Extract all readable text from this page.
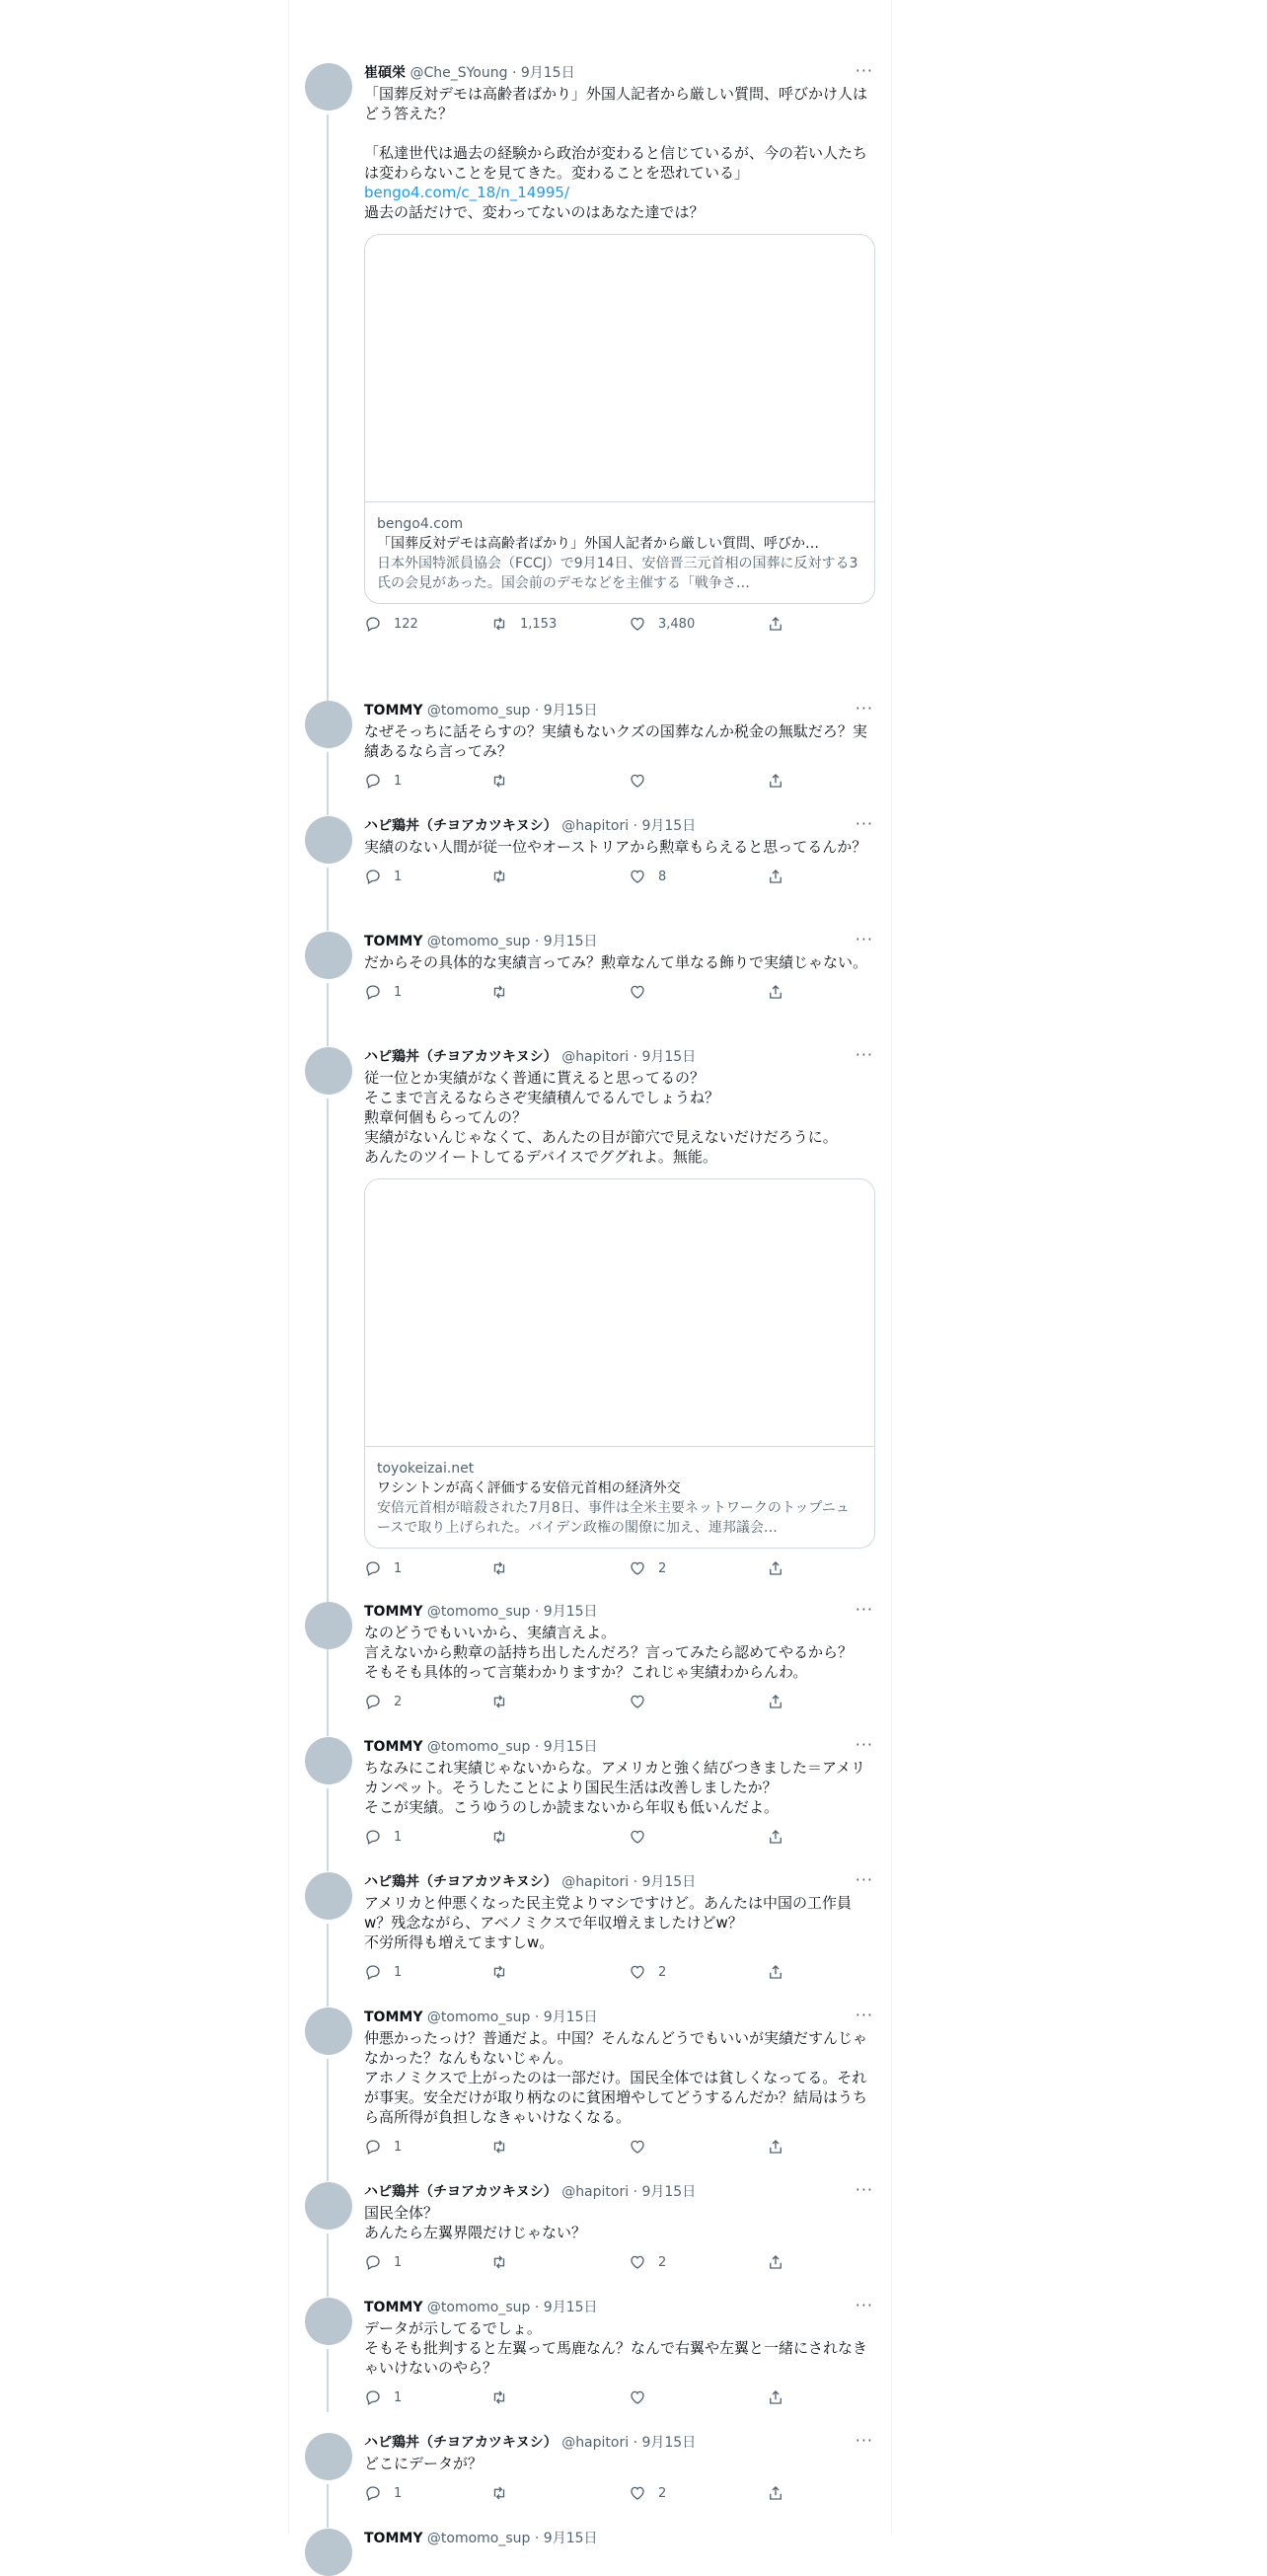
崔碩栄 @Che_SYoung · 9月15日	···
「国葬反対デモは高齢者ばかり」外国人記者から厳しい質問、呼びかけ人はどう答えた？

「私達世代は過去の経験から政治が変わると信じているが、今の若い人たちは変わらないことを見てきた。変わることを恐れている」
bengo4.com/c_18/n_14995/
過去の話だけで、変わってないのはあなた達では？
bengo4.com
「国葬反対デモは高齢者ばかり」外国人記者から厳しい質問、呼びか…
日本外国特派員協会（FCCJ）で9月14日、安倍晋三元首相の国葬に反対する3氏の会見があった。国会前のデモなどを主催する「戦争さ…
122	1,153	3,480
TOMMY @tomomo_sup · 9月15日	···
なぜそっちに話そらすの？実績もないクズの国葬なんか税金の無駄だろ？実績あるなら言ってみ？
1
ハピ鶏丼（チヨアカツキヌシ） @hapitori · 9月15日	···
実績のない人間が従一位やオーストリアから勲章もらえると思ってるんか？
1	8
TOMMY @tomomo_sup · 9月15日	···
だからその具体的な実績言ってみ？勲章なんて単なる飾りで実績じゃない。
1
ハピ鶏丼（チヨアカツキヌシ） @hapitori · 9月15日	···
従一位とか実績がなく普通に貰えると思ってるの？
そこまで言えるならさぞ実績積んでるんでしょうね？
勲章何個もらってんの？
実績がないんじゃなくて、あんたの目が節穴で見えないだけだろうに。
あんたのツイートしてるデバイスでググれよ。無能。
toyokeizai.net
ワシントンが高く評価する安倍元首相の経済外交
安倍元首相が暗殺された7月8日、事件は全米主要ネットワークのトップニュースで取り上げられた。バイデン政権の閣僚に加え、連邦議会…
1	2
TOMMY @tomomo_sup · 9月15日	···
なのどうでもいいから、実績言えよ。
言えないから勲章の話持ち出したんだろ？言ってみたら認めてやるから？
そもそも具体的って言葉わかりますか？これじゃ実績わからんわ。
2
TOMMY @tomomo_sup · 9月15日	···
ちなみにこれ実績じゃないからな。アメリカと強く結びつきました＝アメリカンペット。そうしたことにより国民生活は改善しましたか？
そこが実績。こうゆうのしか読まないから年収も低いんだよ。
1
ハピ鶏丼（チヨアカツキヌシ） @hapitori · 9月15日	···
アメリカと仲悪くなった民主党よりマシですけど。あんたは中国の工作員w？残念ながら、アベノミクスで年収増えましたけどw？
不労所得も増えてますしw。
1	2
TOMMY @tomomo_sup · 9月15日	···
仲悪かったっけ？普通だよ。中国？そんなんどうでもいいが実績だすんじゃなかった？なんもないじゃん。
アホノミクスで上がったのは一部だけ。国民全体では貧しくなってる。それが事実。安全だけが取り柄なのに貧困増やしてどうするんだか？結局はうちら高所得が負担しなきゃいけなくなる。
1
ハピ鶏丼（チヨアカツキヌシ） @hapitori · 9月15日	···
国民全体？
あんたら左翼界隈だけじゃない？
1	2
TOMMY @tomomo_sup · 9月15日	···
データが示してるでしょ。
そもそも批判すると左翼って馬鹿なん？なんで右翼や左翼と一緒にされなきゃいけないのやら？
1
ハピ鶏丼（チヨアカツキヌシ） @hapitori · 9月15日	···
どこにデータが？
1	2
TOMMY @tomomo_sup · 9月15日
